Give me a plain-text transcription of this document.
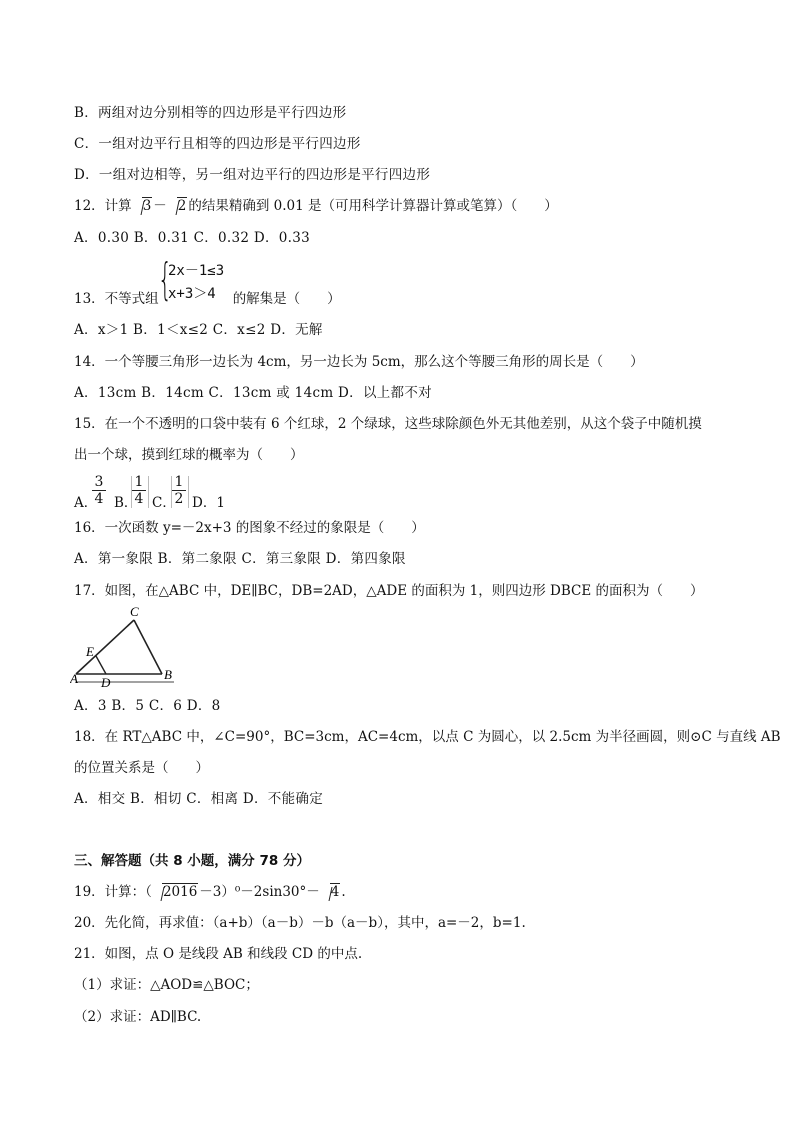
B．两组对边分别相等的四边形是平行四边形
C．一组对边平行且相等的四边形是平行四边形
D．一组对边相等，另一组对边平行的四边形是平行四边形
12．计算 3 － 2 的结果精确到 0.01 是（可用科学计算器计算或笔算）（　　）
A．0.30 B．0.31 C．0.32 D．0.33
{
2x－1≤3
x+3＞4
13．不等式组	的解集是（　　）
A．x＞1 B．1＜x≤2 C．x≤2 D．无解
14．一个等腰三角形一边长为 4cm，另一边长为 5cm，那么这个等腰三角形的周长是（　　）
A．13cm B．14cm C．13cm 或 14cm D．以上都不对
15．在一个不透明的口袋中装有 6 个红球，2 个绿球，这些球除颜色外无其他差别，从这个袋子中随机摸
出一个球，摸到红球的概率为（　　）
A．
$\frac{3}{4}$ B．
$\frac{1}{4}$ C．
$\frac{1}{2}$ D．1
16．一次函数 y=－2x+3 的图象不经过的象限是（　　）
A．第一象限 B．第二象限 C．第三象限 D．第四象限
17．如图，在△ABC 中，DE∥BC，DB=2AD，△ADE 的面积为 1，则四边形 DBCE 的面积为（　　）
C
E
A D
B
A．3 B．5 C．6 D．8
18．在 RT△ABC 中，∠C=90°，BC=3cm，AC=4cm，以点 C 为圆心，以 2.5cm 为半径画圆，则⊙C 与直线 AB
的位置关系是（　　）
A．相交 B．相切 C．相离 D．不能确定
三、解答题（共 8 小题，满分 78 分）
19．计算：（ 2016 －3）⁰－2sin30°－ 4 .
20．先化简，再求值：（a+b）（a－b）－b（a－b），其中，a=－2，b=1.
21．如图，点 O 是线段 AB 和线段 CD 的中点.
（1）求证：△AOD≌△BOC；
（2）求证：AD∥BC.
